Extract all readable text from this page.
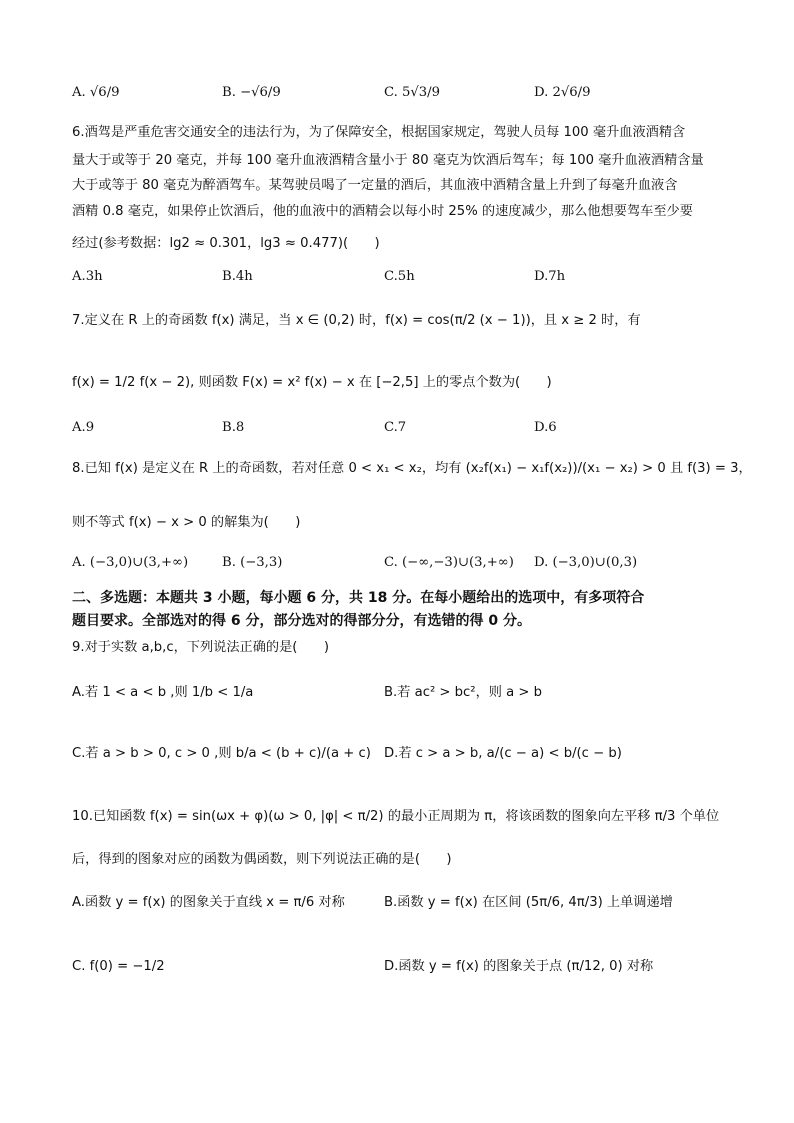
A. √6/9	B. −√6/9	C. 5√3/9	D. 2√6/9
6.酒驾是严重危害交通安全的违法行为，为了保障安全，根据国家规定，驾驶人员每 100 毫升血液酒精含
量大于或等于 20 毫克，并每 100 毫升血液酒精含量小于 80 毫克为饮酒后驾车；每 100 毫升血液酒精含量
大于或等于 80 毫克为醉酒驾车。某驾驶员喝了一定量的酒后，其血液中酒精含量上升到了每毫升血液含
酒精 0.8 毫克，如果停止饮酒后，他的血液中的酒精会以每小时 25% 的速度减少，那么他想要驾车至少要
经过(参考数据：lg2 ≈ 0.301，lg3 ≈ 0.477)(　　)
A.3h	B.4h	C.5h	D.7h
7.定义在 R 上的奇函数 f(x) 满足，当 x ∈ (0,2) 时，f(x) = cos(π/2 (x − 1))，且 x ≥ 2 时，有
f(x) = 1/2 f(x − 2), 则函数 F(x) = x² f(x) − x 在 [−2,5] 上的零点个数为(　　)
A.9	B.8	C.7	D.6
8.已知 f(x) 是定义在 R 上的奇函数，若对任意 0 < x₁ < x₂，均有 (x₂f(x₁) − x₁f(x₂))/(x₁ − x₂) > 0 且 f(3) = 3，
则不等式 f(x) − x > 0 的解集为(　　)
A. (−3,0)∪(3,+∞)	B. (−3,3)	C. (−∞,−3)∪(3,+∞) D. (−3,0)∪(0,3)
二、多选题：本题共 3 小题，每小题 6 分，共 18 分。在每小题给出的选项中，有多项符合
题目要求。全部选对的得 6 分，部分选对的得部分分，有选错的得 0 分。
9.对于实数 a,b,c，下列说法正确的是(　　)
A.若 1 < a < b ,则 1/b < 1/a	B.若 ac² > bc²，则 a > b
C.若 a > b > 0, c > 0 ,则 b/a < (b + c)/(a + c) D.若 c > a > b, a/(c − a) < b/(c − b)
10.已知函数 f(x) = sin(ωx + φ)(ω > 0, |φ| < π/2) 的最小正周期为 π，将该函数的图象向左平移 π/3 个单位
后，得到的图象对应的函数为偶函数，则下列说法正确的是(　　)
A.函数 y = f(x) 的图象关于直线 x = π/6 对称	B.函数 y = f(x) 在区间 (5π/6, 4π/3) 上单调递增
C. f(0) = −1/2	D.函数 y = f(x) 的图象关于点 (π/12, 0) 对称
